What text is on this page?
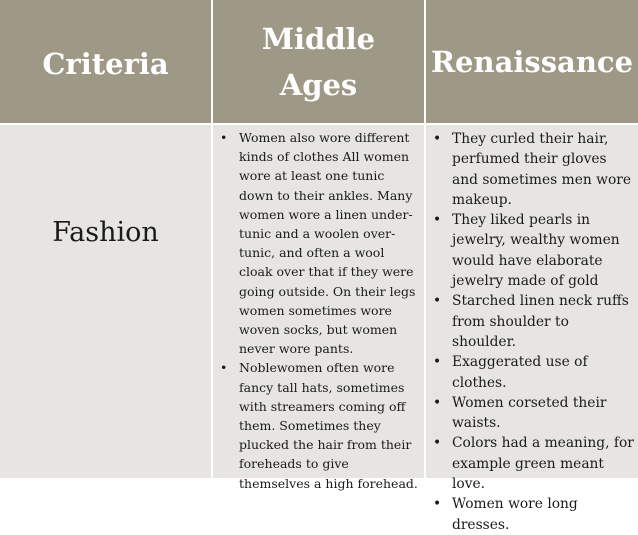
Criteria
Middle
Ages
Renaissance
Fashion
• Women also wore different kinds of clothes All women wore at least one tunic down to their ankles. Many women wore a linen under-tunic and a woolen over-tunic, and often a wool cloak over that if they were going outside. On their legs women sometimes wore woven socks, but women never wore pants.
• Noblewomen often wore fancy tall hats, sometimes with streamers coming off them. Sometimes they plucked the hair from their foreheads to give themselves a high forehead.
• They curled their hair, perfumed their gloves and sometimes men wore makeup.
• They liked pearls in jewelry, wealthy women would have elaborate jewelry made of gold
• Starched linen neck ruffs from shoulder to shoulder.
• Exaggerated use of clothes.
• Women corseted their waists.
• Colors had a meaning, for example green meant love.
• Women wore long dresses.
